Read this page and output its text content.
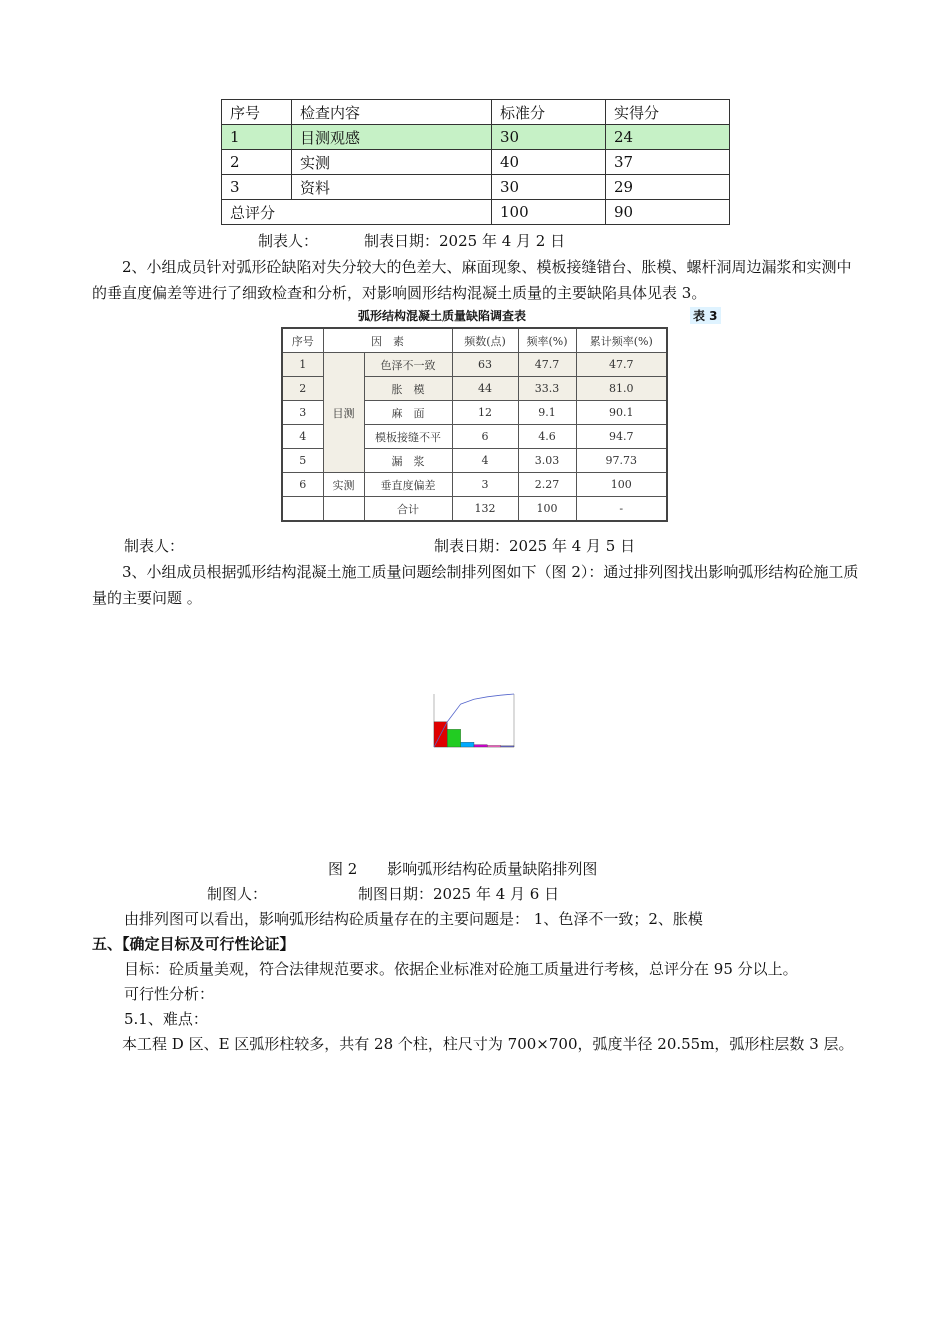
序号	检查内容	标准分	实得分
1	目测观感	30	24
2	实测	40	37
3	资料	30	29
总评分		100	90
制表人：	制表日期：2025 年 4 月 2 日
2、小组成员针对弧形砼缺陷对失分较大的色差大、麻面现象、模板接缝错台、胀模、螺杆洞周边漏浆和实测中的垂直度偏差等进行了细致检查和分析，对影响圆形结构混凝土质量的主要缺陷具体见表 3。
弧形结构混凝土质量缺陷调查表	表 3
序号	因　素		频数(点)	频率(%)	累计频率(%)
1	目测	色泽不一致	63	47.7	47.7
2		胀　模	44	33.3	81.0
3		麻　面	12	9.1	90.1
4		模板接缝不平	6	4.6	94.7
5		漏　浆	4	3.03	97.73
6	实测	垂直度偏差	3	2.27	100
		合计	132	100	-
制表人：	制表日期：2025 年 4 月 5 日
3、小组成员根据弧形结构混凝土施工质量问题绘制排列图如下（图 2）：通过排列图找出影响弧形结构砼施工质量的主要问题 。
图 2　　影响弧形结构砼质量缺陷排列图
制图人：	制图日期：2025 年 4 月 6 日
由排列图可以看出，影响弧形结构砼质量存在的主要问题是： 1、色泽不一致；2、胀模
五、【确定目标及可行性论证】
目标：砼质量美观，符合法律规范要求。依据企业标准对砼施工质量进行考核，总评分在 95 分以上。
可行性分析：
5.1、难点：
本工程 D 区、E 区弧形柱较多，共有 28 个柱，柱尺寸为 700×700，弧度半径 20.55m，弧形柱层数 3 层。
